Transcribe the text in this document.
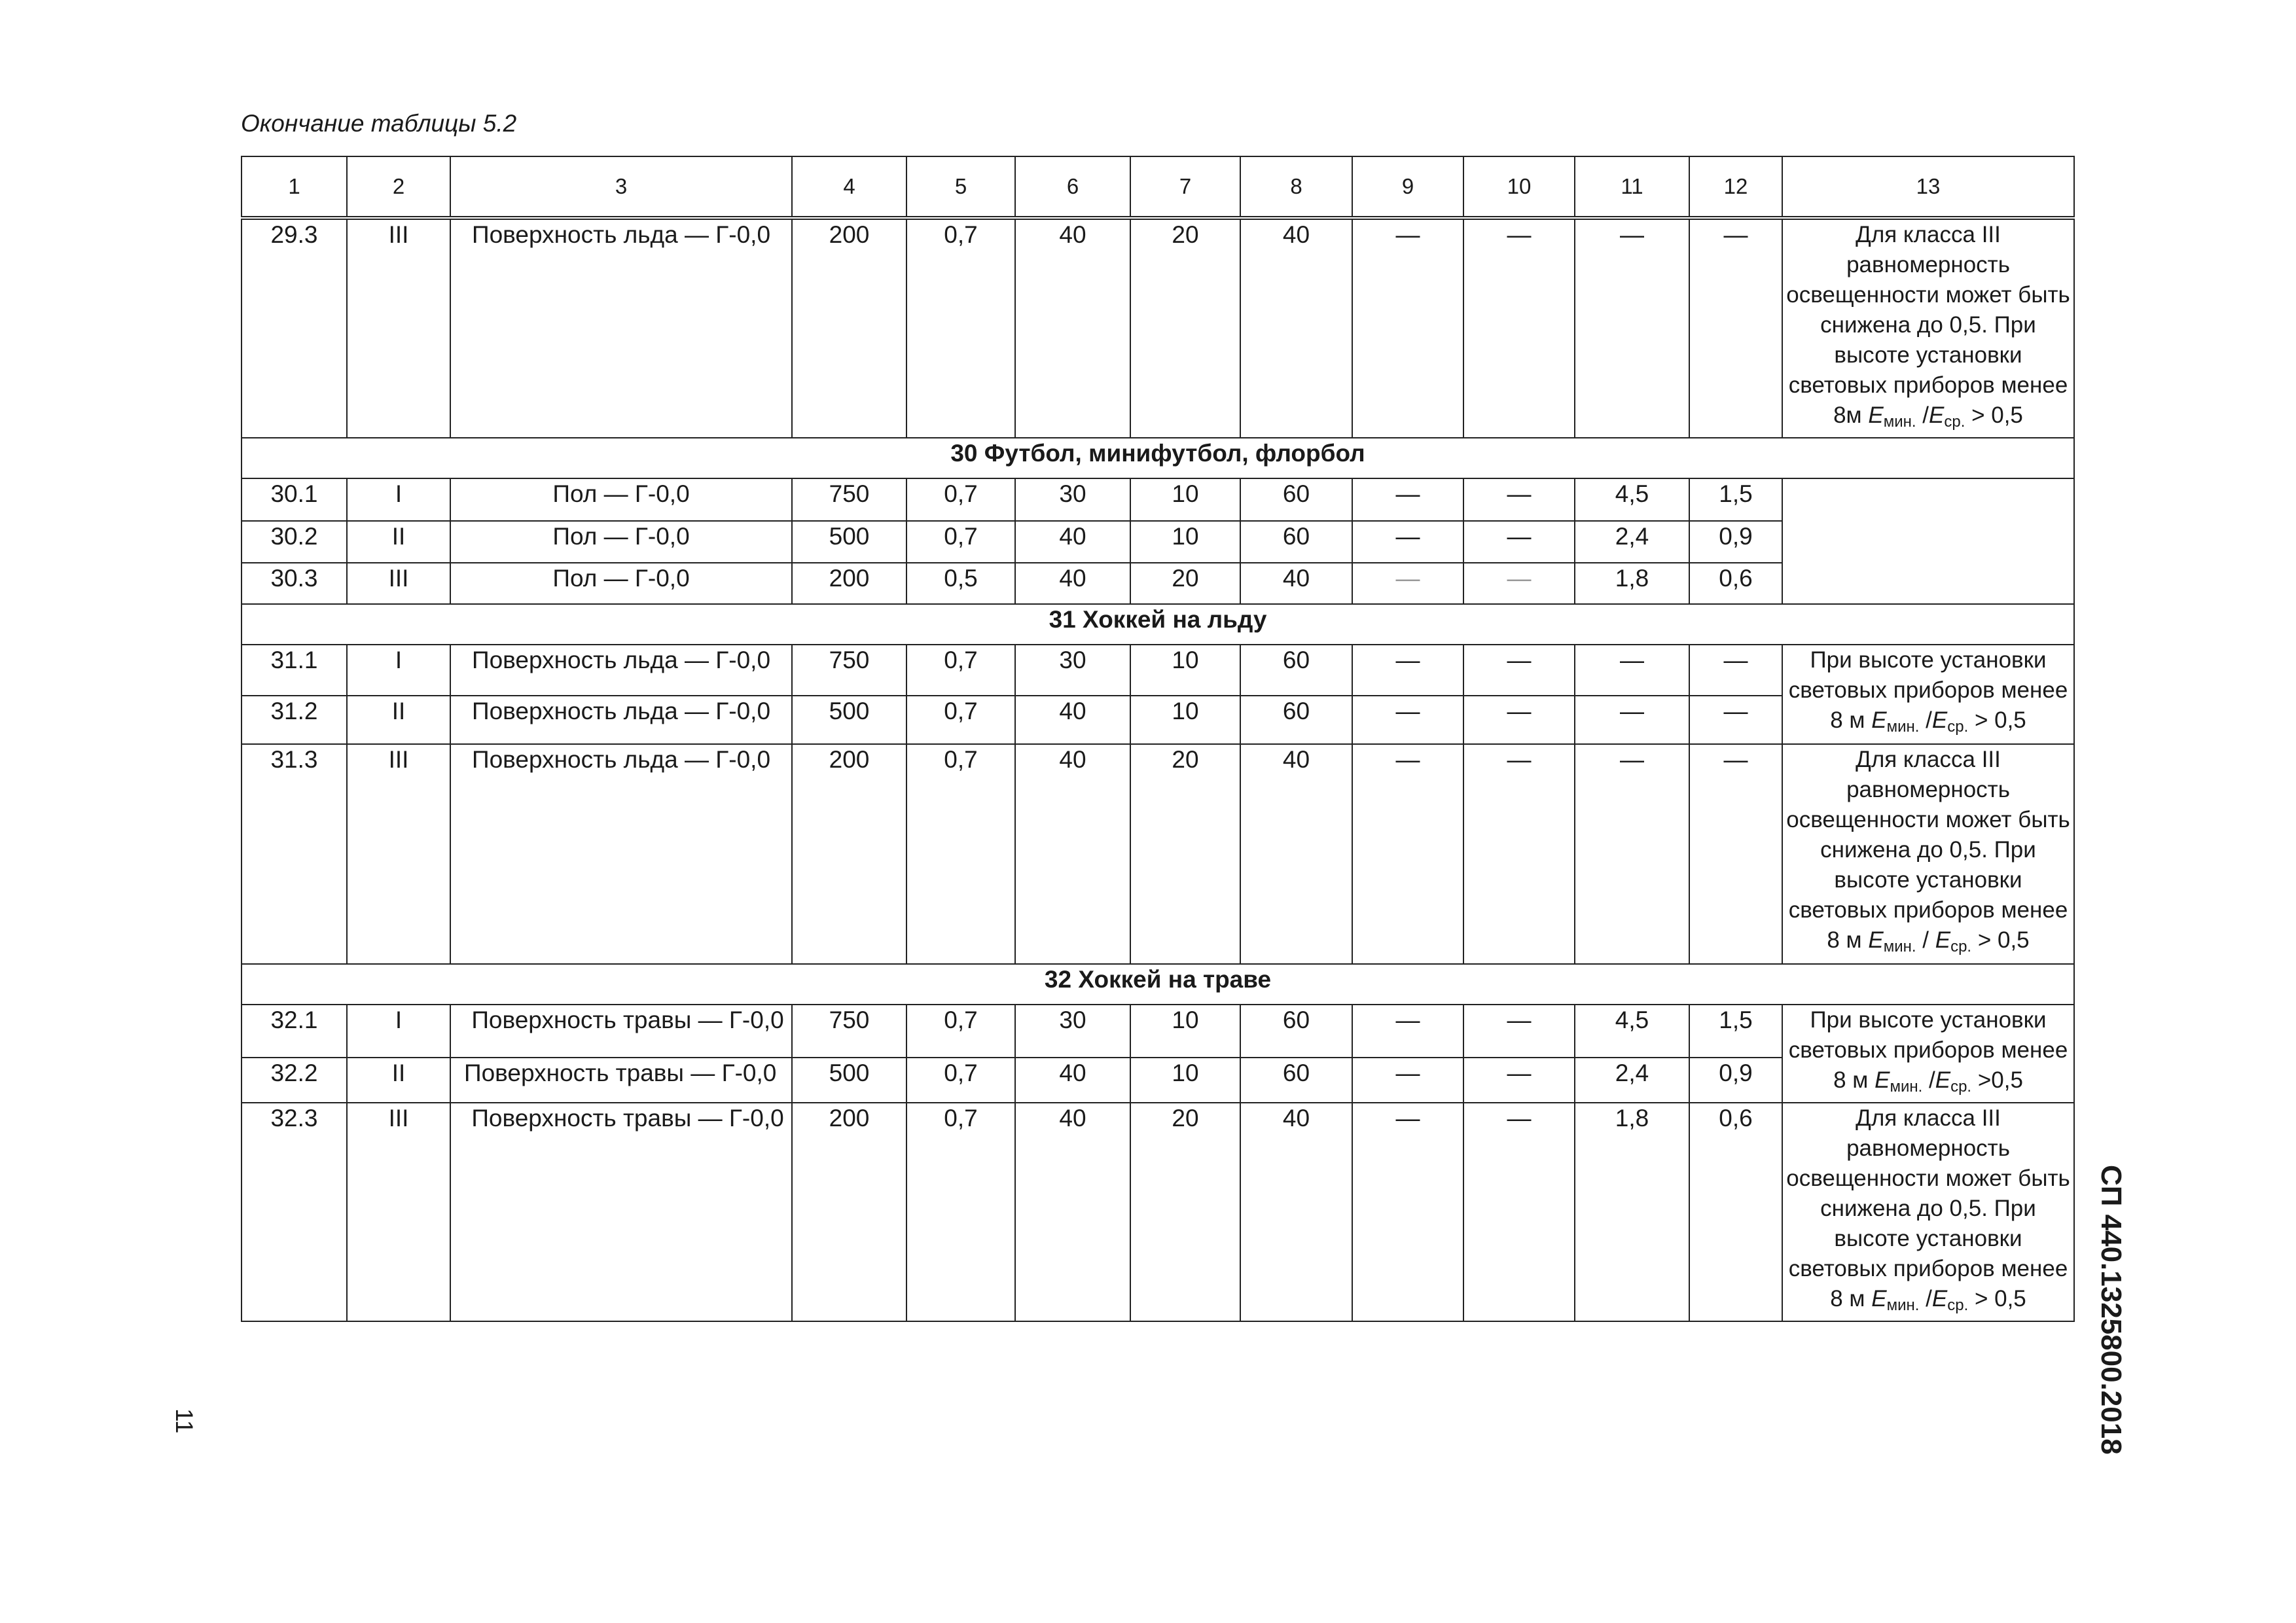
Окончание таблицы 5.2
1	2	3	4	5	6	7	8	9	10	11	12	13
29.3	III	Поверхность льда — Г-0,0	200	0,7	40	20	40	—	—	—	—	Для класса III равномерность освещенности может быть снижена до 0,5. При высоте установки световых приборов менее 8м $E_{мин.}$ $/E_{ср.} > 0,5$
30 Футбол, минифутбол, флорбол												
30.1	I	Пол — Г-0,0	750	0,7	30	10	60	—	—	4,5	1,5	
30.2	II	Пол — Г-0,0	500	0,7	40	10	60	—	—	2,4	0,9	
30.3	III	Пол — Г-0,0	200	0,5	40	20	40	—	—	1,8	0,6	
31 Хоккей на льду												
31.1	I	Поверхность льда — Г-0,0	750	0,7	30	10	60	—	—	—	—	При высоте установки световых приборов менее 8 м $E_{мин.}$ $/E_{ср.} > 0,5$
31.2	II	Поверхность льда — Г-0,0	500	0,7	40	10	60	—	—	—	—	
31.3	III	Поверхность льда — Г-0,0	200	0,7	40	20	40	—	—	—	—	Для класса III равномерность освещенности может быть снижена до 0,5. При высоте установки световых приборов менее 8 м $E_{мин.} / E_{ср.} > 0,5$
32 Хоккей на траве												
32.1	I	Поверхность травы — Г-0,0	750	0,7	30	10	60	—	—	4,5	1,5	При высоте установки световых приборов менее 8 м $E_{мин.}$ $/E_{ср.} >0,5$
32.2	II	Поверхность травы — Г-0,0	500	0,7	40	10	60	—	—	2,4	0,9	
32.3	III	Поверхность травы — Г-0,0	200	0,7	40	20	40	—	—	1,8	0,6	Для класса III равномерность освещенности может быть снижена до 0,5. При высоте установки световых приборов менее 8 м $E_{мин.}$ $/E_{ср.} > 0,5$ СП 440.1325800.2018
11
